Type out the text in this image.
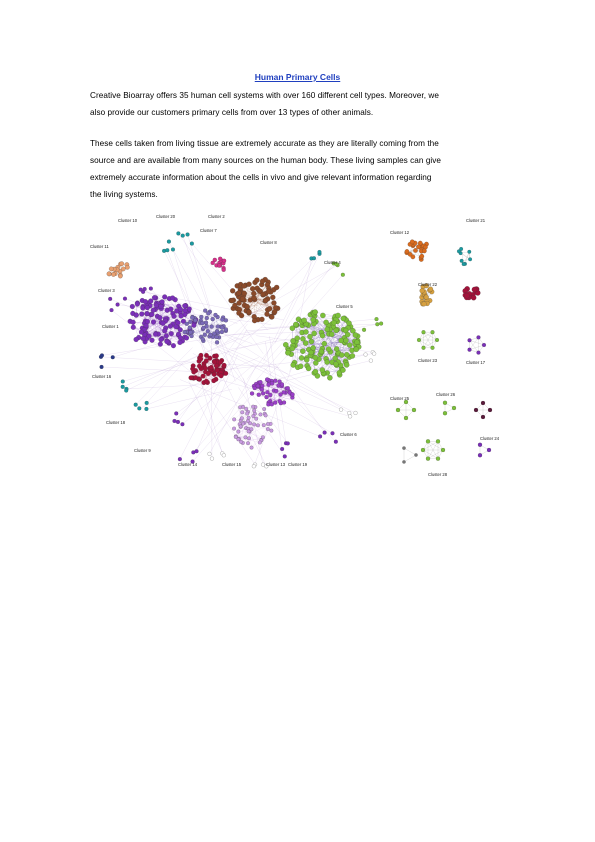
Human Primary Cells
Creative Bioarray offers 35 human cell systems with over 160 different cell types. Moreover, we
also provide our customers primary cells from over 13 types of other animals.
These cells taken from living tissue are extremely accurate as they are literally coming from the
source and are available from many sources on the human body. These living samples can give
extremely accurate information about the cells in vivo and give relevant information regarding
the living systems.
Cluster 10
Cluster 20	Cluster 2
Cluster 8
Cluster 7
Cluster 11
Cluster 3
Cluster 1
Cluster 4
Cluster 5
Cluster 16
Cluster 18
Cluster 9
Cluster 14	Cluster 13
Cluster 15	Cluster 19
Cluster 6
Cluster 12
Cluster 21
Cluster 22
Cluster 23	Cluster 17
Cluster 25
Cluster 26
Cluster 28
Cluster 24
